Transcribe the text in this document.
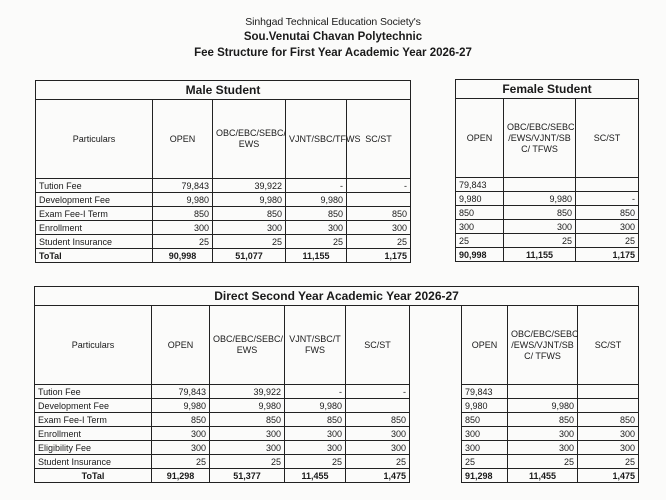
Sinhgad Technical Education Society's
Sou.Venutai Chavan Polytechnic
Fee Structure for First Year Academic Year 2026-27
Male Student				
Particulars	OPEN	OBC/EBC/SEBC/ EWS	VJNT/SBC/TFWS	SC/ST
Tution Fee	79,843	39,922	-	-
Development Fee	9,980	9,980	9,980	
Exam Fee-I Term	850	850	850	850
Enrollment	300	300	300	300
Student Insurance	25	25	25	25
ToTal	90,998	51,077	11,155	1,175
Female Student		
OPEN	OBC/EBC/SEBC /EWS/VJNT/SB C/ TFWS	SC/ST
79,843		
9,980	9,980	-
850	850	850
300	300	300
25	25	25
90,998	11,155	1,175
Direct Second Year Academic Year 2026-27					
Particulars	OPEN	OBC/EBC/SEBC/ EWS	VJNT/SBC/T FWS	SC/ST	
Tution Fee	79,843	39,922	-	-	
Development Fee	9,980	9,980	9,980		
Exam Fee-I Term	850	850	850	850	
Enrollment	300	300	300	300	
Eligibility Fee	300	300	300	300	
Student Insurance	25	25	25	25	
ToTal	91,298	51,377	11,455	1,475	
OPEN	OBC/EBC/SEBC /EWS/VJNT/SB C/ TFWS	SC/ST
79,843		
9,980	9,980	
850	850	850
300	300	300
300	300	300
25	25	25
91,298	11,455	1,475
